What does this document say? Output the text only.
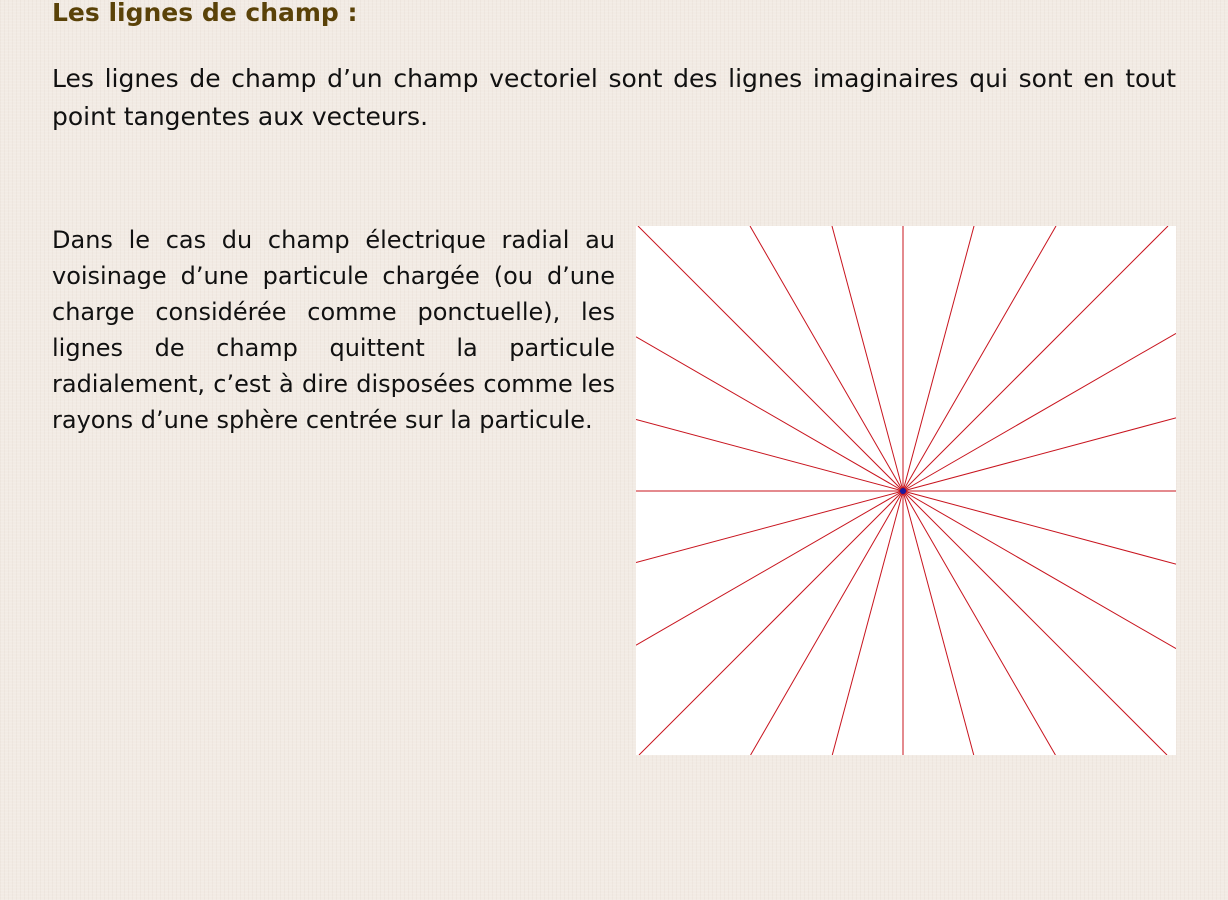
Les lignes de champ :

Les lignes de champ d’un champ vectoriel sont des lignes imaginaires qui sont en tout point tangentes aux vecteurs.

Dans le cas du champ électrique radial au voisinage d’une particule chargée (ou d’une charge considérée comme ponctuelle), les lignes de champ quittent la particule radialement, c’est à dire disposées comme les rayons d’une sphère centrée sur la particule.
